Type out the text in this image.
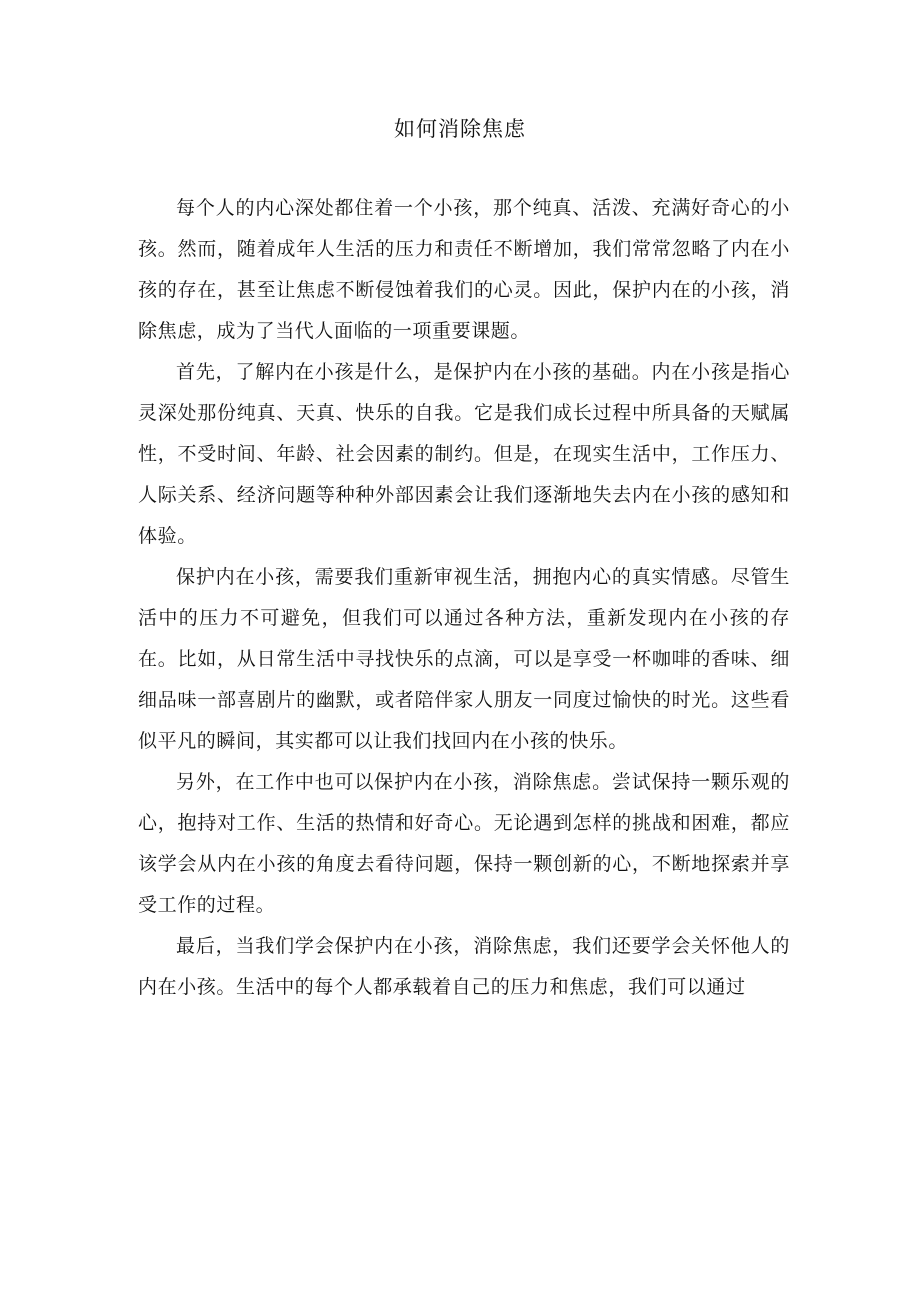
如何消除焦虑

每个人的内心深处都住着一个小孩，那个纯真、活泼、充满好奇心的小孩。然而，随着成年人生活的压力和责任不断增加，我们常常忽略了内在小孩的存在，甚至让焦虑不断侵蚀着我们的心灵。因此，保护内在的小孩，消除焦虑，成为了当代人面临的一项重要课题。

首先，了解内在小孩是什么，是保护内在小孩的基础。内在小孩是指心灵深处那份纯真、天真、快乐的自我。它是我们成长过程中所具备的天赋属性，不受时间、年龄、社会因素的制约。但是，在现实生活中，工作压力、人际关系、经济问题等种种外部因素会让我们逐渐地失去内在小孩的感知和体验。

保护内在小孩，需要我们重新审视生活，拥抱内心的真实情感。尽管生活中的压力不可避免，但我们可以通过各种方法，重新发现内在小孩的存在。比如，从日常生活中寻找快乐的点滴，可以是享受一杯咖啡的香味、细细品味一部喜剧片的幽默，或者陪伴家人朋友一同度过愉快的时光。这些看似平凡的瞬间，其实都可以让我们找回内在小孩的快乐。

另外，在工作中也可以保护内在小孩，消除焦虑。尝试保持一颗乐观的心，抱持对工作、生活的热情和好奇心。无论遇到怎样的挑战和困难，都应该学会从内在小孩的角度去看待问题，保持一颗创新的心，不断地探索并享受工作的过程。

最后，当我们学会保护内在小孩，消除焦虑，我们还要学会关怀他人的内在小孩。生活中的每个人都承载着自己的压力和焦虑，我们可以通过
